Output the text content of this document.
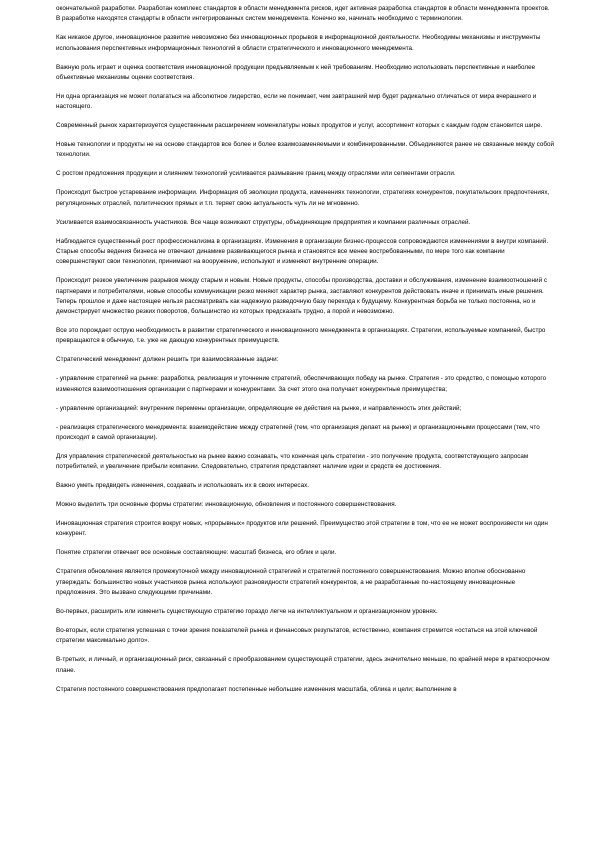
окончательной разработки. Разработан комплекс стандартов в области менеджмента рисков, идет активная разработка стандартов в области менеджмента проектов. В разработке находятся стандарты в области интегрированных систем менеджмента. Конечно же, начинать необходимо с терминологии.

Как никакое другое, инновационное развитие невозможно без инновационных прорывов в информационной деятельности. Необходимы механизмы и инструменты использования перспективных информационных технологий в области стратегического и инновационного менеджмента.

Важную роль играет и оценка соответствия инновационной продукции предъявляемым к ней требованиям. Необходимо использовать перспективные и наиболее объективные механизмы оценки соответствия.

Ни одна организация не может полагаться на абсолютное лидерство, если не понимает, чем завтрашний мир будет радикально отличаться от мира вчерашнего и настоящего.

Современный рынок характеризуется существенным расширением номенклатуры новых продуктов и услуг, ассортимент которых с каждым годом становится шире.

Новые технологии и продукты не на основе стандартов все более и более взаимозаменяемыми и комбинированными. Объединяются ранее не связанные между собой технологии.

С ростом предложения продукции и слиянием технологий усиливается размывание границ между отраслями или сегментами отрасли.

Происходит быстрое устаревание информации. Информация об эволюции продукта, изменениях технологии, стратегиях конкурентов, покупательских предпочтениях, регуляционных отраслей, политических прямых и т.п. теряет свою актуальность чуть ли не мгновенно.

Усиливается взаимосвязанность участников. Все чаще возникают структуры, объединяющие предприятия и компании различных отраслей.

Наблюдается существенный рост профессионализма в организациях. Изменения в организации бизнес-процессов сопровождаются изменениями в внутри компаний. Старые способы ведения бизнеса не отвечают динамике развивающегося рынка и становятся все менее востребованными, по мере того как компании совершенствуют свои технологии, принимают на вооружение, используют и изменяют внутренние операции.

Происходит резкое увеличение разрывов между старым и новым. Новые продукты, способы производства, доставки и обслуживания, изменение взаимоотношений с партнерами и потребителями, новые способы коммуникации резко меняют характер рынка, заставляют конкурентов действовать иначе и принимать иные решения. Теперь прошлое и даже настоящее нельзя рассматривать как надежную разведочную базу перехода к будущему. Конкурентная борьба не только постоянна, но и демонстрирует множество резких поворотов, большинство из которых предсказать трудно, а порой и невозможно.

Все это порождает острую необходимость в развитии стратегического и инновационного менеджмента в организациях. Стратегии, используемые компанией, быстро превращаются в обычную, т.е. уже не дающую конкурентных преимуществ.

Стратегический менеджмент должен решить три взаимосвязанные задачи:

- управление стратегией на рынке: разработка, реализация и уточнение стратегий, обеспечивающих победу на рынке. Стратегия - это средство, с помощью которого изменяются взаимоотношения организации с партнерами и конкурентами. За счет этого она получает конкурентные преимущества;

- управление организацией: внутренние перемены организации, определяющие ее действия на рынке, и направленность этих действий;

- реализация стратегического менеджмента: взаимодействие между стратегией (тем, что организация делает на рынке) и организационными процессами (тем, что происходит в самой организации).

Для управления стратегической деятельностью на рынке важно сознавать, что конечная цель стратегии - это получение продукта, соответствующего запросам потребителей, и увеличение прибыли компании. Следовательно, стратегия представляет наличие идеи и средств ее достижения.

Важно уметь предвидеть изменения, создавать и использовать их в своих интересах.

Можно выделить три основные формы стратегии: инновационную, обновления и постоянного совершенствования.

Инновационная стратегия строится вокруг новых, «прорывных» продуктов или решений. Преимущество этой стратегии в том, что ее не может воспроизвести ни один конкурент.

Понятие стратегии отвечает все основные составляющие: масштаб бизнеса, его облик и цели.

Стратегия обновления является промежуточной между инновационной стратегией и стратегией постоянного совершенствования. Можно вполне обоснованно утверждать: большинство новых участников рынка используют разновидности стратегий конкурентов, а не разработанные по-настоящему инновационные предложения. Это вызвано следующими причинами.

Во-первых, расширить или изменить существующую стратегию гораздо легче на интеллектуальном и организационном уровнях.

Во-вторых, если стратегия успешная с точки зрения показателей рынка и финансовых результатов, естественно, компания стремится «остаться на этой ключевой стратегии максимально долго».

В-третьих, и личный, и организационный риск, связанный с преобразованием существующей стратегии, здесь значительно меньше, по крайней мере в краткосрочном плане.

Стратегия постоянного совершенствования предполагает постепенные небольшие изменения масштаба, облика и цели; выполнение в
